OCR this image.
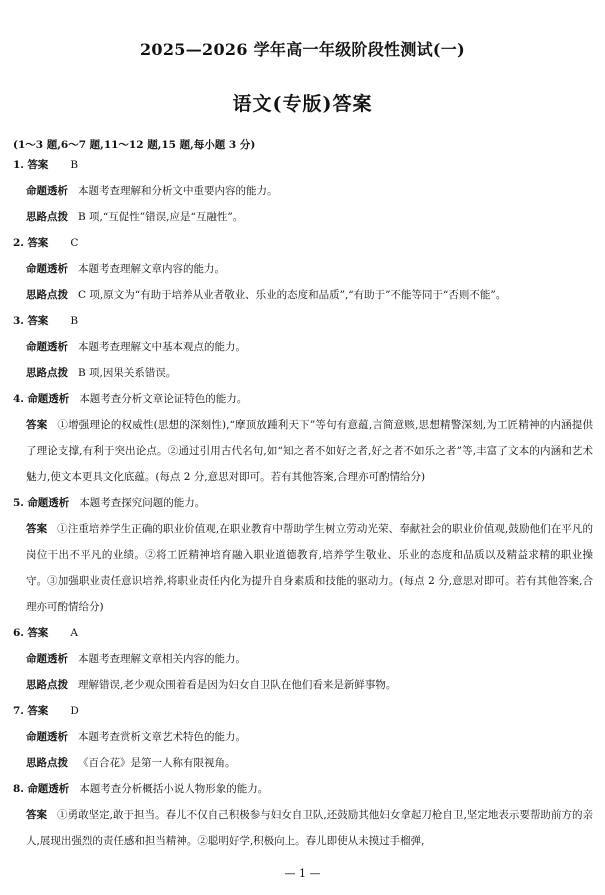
2025—2026 学年高一年级阶段性测试(一)
语文(专版)答案
(1～3 题,6～7 题,11～12 题,15 题,每小题 3 分)

1. 答案 B

命题透析 本题考查理解和分析文中重要内容的能力。

思路点拨 B 项,“互促性”错误,应是“互融性”。

2. 答案 C

命题透析 本题考查理解文章内容的能力。

思路点拨 C 项,原文为“有助于培养从业者敬业、乐业的态度和品质”,“有助于”不能等同于“否则不能”。

3. 答案 B

命题透析 本题考查理解文中基本观点的能力。

思路点拨 B 项,因果关系错误。

4. 命题透析 本题考查分析文章论证特色的能力。

答案 ①增强理论的权威性(思想的深刻性),“摩顶放踵利天下”等句有意蕴,言简意赅,思想精警深刻,为工匠精神的内涵提供了理论支撑,有利于突出论点。②通过引用古代名句,如“知之者不如好之者,好之者不如乐之者”等,丰富了文本的内涵和艺术魅力,使文本更具文化底蕴。(每点 2 分,意思对即可。若有其他答案,合理亦可酌情给分)

5. 命题透析 本题考查探究问题的能力。

答案 ①注重培养学生正确的职业价值观,在职业教育中帮助学生树立劳动光荣、奉献社会的职业价值观,鼓励他们在平凡的岗位干出不平凡的业绩。②将工匠精神培育融入职业道德教育,培养学生敬业、乐业的态度和品质以及精益求精的职业操守。③加强职业责任意识培养,将职业责任内化为提升自身素质和技能的驱动力。(每点 2 分,意思对即可。若有其他答案,合理亦可酌情给分)

6. 答案 A

命题透析 本题考查理解文章相关内容的能力。

思路点拨 理解错误,老少观众围着看是因为妇女自卫队在他们看来是新鲜事物。

7. 答案 D

命题透析 本题考查赏析文章艺术特色的能力。

思路点拨 《百合花》是第一人称有限视角。

8. 命题透析 本题考查分析概括小说人物形象的能力。

答案 ①勇敢坚定,敢于担当。春儿不仅自己积极参与妇女自卫队,还鼓励其他妇女拿起刀枪自卫,坚定地表示要帮助前方的亲人,展现出强烈的责任感和担当精神。②聪明好学,积极向上。春儿即使从未摸过手榴弹,

— 1 —
